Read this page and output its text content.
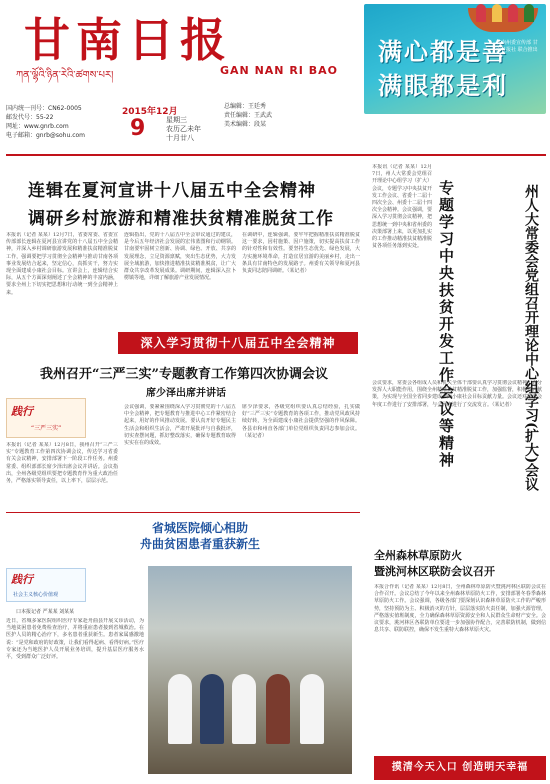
甘南日报
ཀན་ལྷོའི་ཉིན་རེའི་ཚགས་པར།	GAN NAN RI BAO
满心都是善
满眼都是利
甘南州委宣传部 甘南日报社 联合推出
国内统一刊号：CN62-0005
邮发代号：55-22
网址：www.gnrb.com
电子邮箱：gnrb@sohu.com
2015年12月
9	星期三
农历乙未年
十月廿八
总编辑：王廷秀
责任编辑：王武武
美术编辑：段某
连辑在夏河宣讲十八届五中全会精神
调研乡村旅游和精准扶贫精准脱贫工作
本报讯（记者 某某）12月7日，省委常委、省委宣传部部长连辑在夏河县宣讲党的十八届五中全会精神，并深入乡村调研旅游发展和精准扶贫精准脱贫工作，强调要把学习贯彻全会精神与推动甘南各项事业发展结合起来，坚定信心，真抓实干，努力实现全面建成小康社会目标。宣讲会上，连辑结合实际，从五个方面深刻阐述了全会精神的丰富内涵，要求全州上下切实把思想和行动统一到全会精神上来。
连辑指出，党的十八届五中全会审议通过的建议，是今后五年经济社会发展的宏伟蓝图和行动纲领。甘南要牢固树立创新、协调、绿色、开放、共享的发展理念，立足资源禀赋，突出生态优势，大力发展全域旅游，加快推进精准扶贫精准脱贫，让广大群众共享改革发展成果。调研期间，连辑深入拉卜楞镇等地，详细了解旅游产业发展情况。
在调研中，连辑强调，要牢牢把握精准扶贫精准脱贫这一要求，因村施策、因户施策，切实提高扶贫工作的针对性和有效性。要坚持生态优先、绿色发展，大力实施环境革命，打造宜居宜游的美丽乡村，走出一条具有甘南特色的发展路子。州委有关领导和夏河县负责同志陪同调研。（某记者）
深入学习贯彻十八届五中全会精神
我州召开“三严三实”专题教育工作第四次协调会议
席少泽出席并讲话
践行
“三严三实”
本报讯（记者 某某）12月8日，我州召开“三严三实”专题教育工作第四次协调会议，传达学习省委有关会议精神，安排部署下一阶段工作任务。州委常委、组织部部长席少泽出席会议并讲话。会议指出，全州各级党组织要把专题教育作为重大政治任务，严格落实领导责任，以上率下，层层示范。
会议强调，要紧紧围绕深入学习贯彻党的十八届五中全会精神，把专题教育与推进中心工作紧密结合起来，用好的作风推动发展。要认真开好专题民主生活会和组织生活会，严肃开展批评与自我批评，切实查摆问题，抓好整改落实，确保专题教育取得实实在在的成效。
席少泽要求，各级党组织要认真总结经验，扎实做好“三严三实”专题教育的各项工作，推动党风政风持续好转，为全面建成小康社会提供坚强的作风保障。各县市和州直各部门单位党组织负责同志参加会议。（某记者）	专题学习中央扶贫开发工作会议等精神	州人大常委会党组召开理论中心组学习(扩大)会议
本报讯（记者 某某）12月7日，州人大常委会党组召开理论中心组学习（扩大）会议，专题学习中央扶贫开发工作会议、省委十二届十四次全会、州委十二届十四次全会精神。会议强调，要深入学习贯彻会议精神，把思想统一到中央和省州委的决策部署上来，以更加扎实的工作推动精准扶贫精准脱贫各项任务落到实处。
会议要求，常委会各组成人员和机关全体干部要认真学习贯彻会议精神，充分发挥人大职能作用，围绕全州精准扶贫精准脱贫工作，加强监督，积极建言献策，为实现与全国全省同步建成全面小康社会目标贡献力量。会议还对常委会年度工作进行了安排部署，与会同志进行了交流发言。（某记者）
省城医院倾心相助
舟曲贫困患者重获新生
践行
社会主义核心价值观
口本报记者 严某某 刘某某
近日，省城多家医院组织医疗专家赴舟曲县开展义诊活动，为当地贫困患者免费检查治疗，并将重症患者接到省城救治。在医护人员的精心治疗下，多名患者重获新生。患者家属感激地说：“是党和政府的好政策，让我们看得起病、看得好病。”医疗专家还为当地医护人员开展业务培训，提升基层医疗服务水平，受到群众广泛好评。
全州森林草原防火
暨洮河林区联防会议召开
本报合作讯（记者 某某）12月8日，全州森林草原防火暨洮河林区联防会议在合作召开。会议总结了今年以来全州森林草原防火工作，安排部署冬春季森林草原防火工作。会议强调，各级各部门要深刻认识森林草原防火工作的严峻形势，坚持预防为主、积极消灭的方针，层层落实防火责任制，加强火源管理，严格落实值班制度，全力确保森林草原资源安全和人民群众生命财产安全。会议要求，洮河林区各联防单位要进一步加强协作配合，完善联防机制，做到信息共享、联防联控，确保不发生重特大森林草原火灾。
摸清今天入口 创造明天幸福
